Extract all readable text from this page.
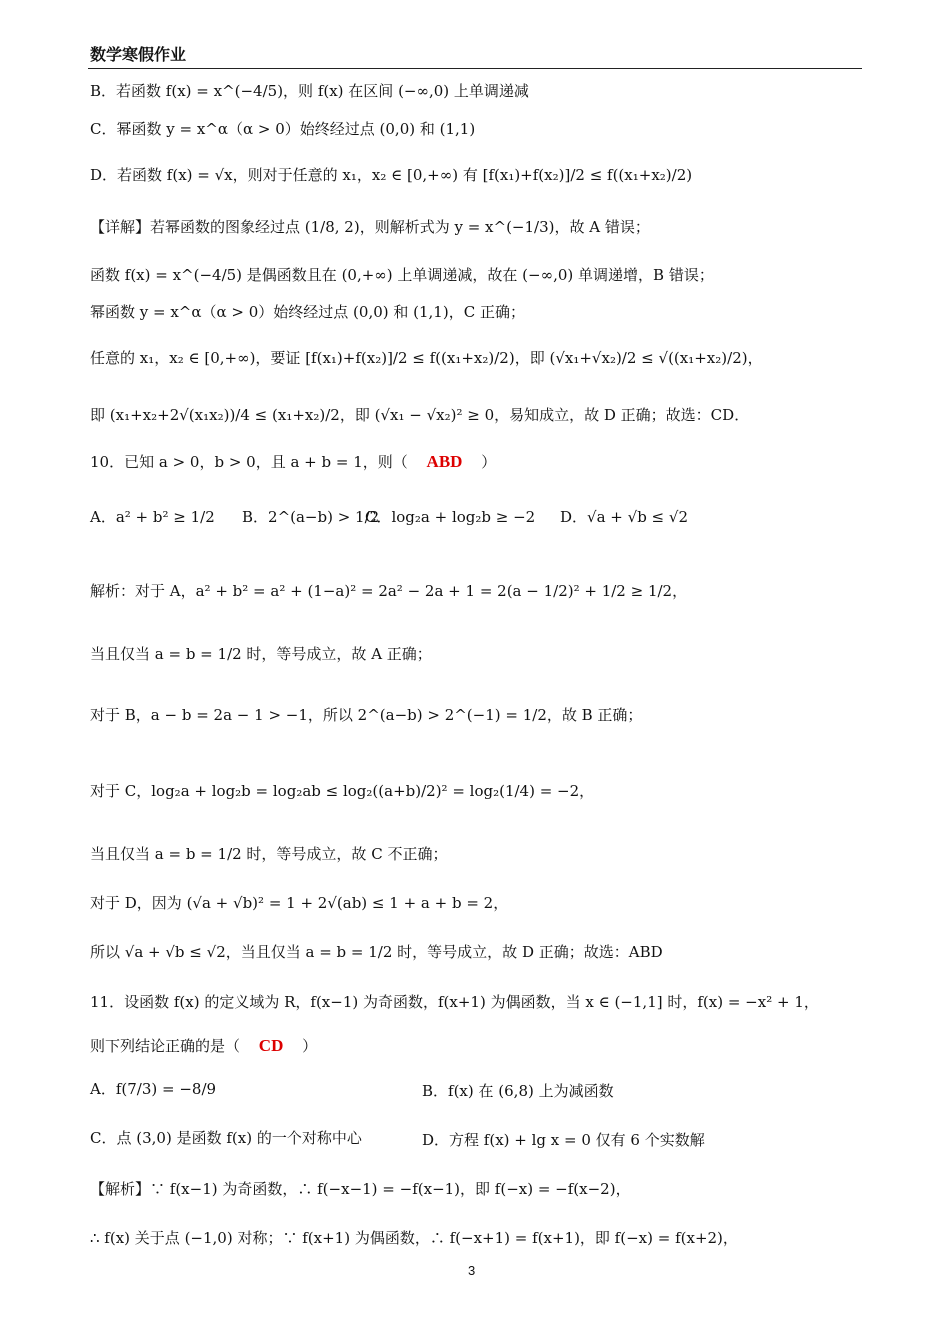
数学寒假作业
B．若函数 f(x) = x^(−4/5)，则 f(x) 在区间 (−∞,0) 上单调递减
C．幂函数 y = x^α（α > 0）始终经过点 (0,0) 和 (1,1)
D．若函数 f(x) = √x，则对于任意的 x₁，x₂ ∈ [0,+∞) 有 [f(x₁)+f(x₂)]/2 ≤ f((x₁+x₂)/2)
【详解】若幂函数的图象经过点 (1/8, 2)，则解析式为 y = x^(−1/3)，故 A 错误；
函数 f(x) = x^(−4/5) 是偶函数且在 (0,+∞) 上单调递减，故在 (−∞,0) 单调递增，B 错误；
幂函数 y = x^α（α > 0）始终经过点 (0,0) 和 (1,1)，C 正确；
任意的 x₁，x₂ ∈ [0,+∞)，要证 [f(x₁)+f(x₂)]/2 ≤ f((x₁+x₂)/2)，即 (√x₁+√x₂)/2 ≤ √((x₁+x₂)/2)，
即 (x₁+x₂+2√(x₁x₂))/4 ≤ (x₁+x₂)/2，即 (√x₁ − √x₂)² ≥ 0，易知成立，故 D 正确；故选：CD．
10．已知 a > 0，b > 0，且 a + b = 1，则（ ABD ）
A．a² + b² ≥ 1/2 B．2^(a−b) > 1/2
C．log₂a + log₂b ≥ −2 D．√a + √b ≤ √2
解析：对于 A，a² + b² = a² + (1−a)² = 2a² − 2a + 1 = 2(a − 1/2)² + 1/2 ≥ 1/2，
当且仅当 a = b = 1/2 时，等号成立，故 A 正确；
对于 B，a − b = 2a − 1 > −1，所以 2^(a−b) > 2^(−1) = 1/2，故 B 正确；
对于 C，log₂a + log₂b = log₂ab ≤ log₂((a+b)/2)² = log₂(1/4) = −2，
当且仅当 a = b = 1/2 时，等号成立，故 C 不正确；
对于 D，因为 (√a + √b)² = 1 + 2√(ab) ≤ 1 + a + b = 2，
所以 √a + √b ≤ √2，当且仅当 a = b = 1/2 时，等号成立，故 D 正确；故选：ABD
11．设函数 f(x) 的定义域为 R，f(x−1) 为奇函数，f(x+1) 为偶函数，当 x ∈ (−1,1] 时，f(x) = −x² + 1，
则下列结论正确的是（ CD ）
A．f(7/3) = −8/9	B．f(x) 在 (6,8) 上为减函数
C．点 (3,0) 是函数 f(x) 的一个对称中心	D．方程 f(x) + lg x = 0 仅有 6 个实数解
【解析】∵ f(x−1) 为奇函数，∴ f(−x−1) = −f(x−1)，即 f(−x) = −f(x−2)，
∴ f(x) 关于点 (−1,0) 对称；∵ f(x+1) 为偶函数，∴ f(−x+1) = f(x+1)，即 f(−x) = f(x+2)，
3
